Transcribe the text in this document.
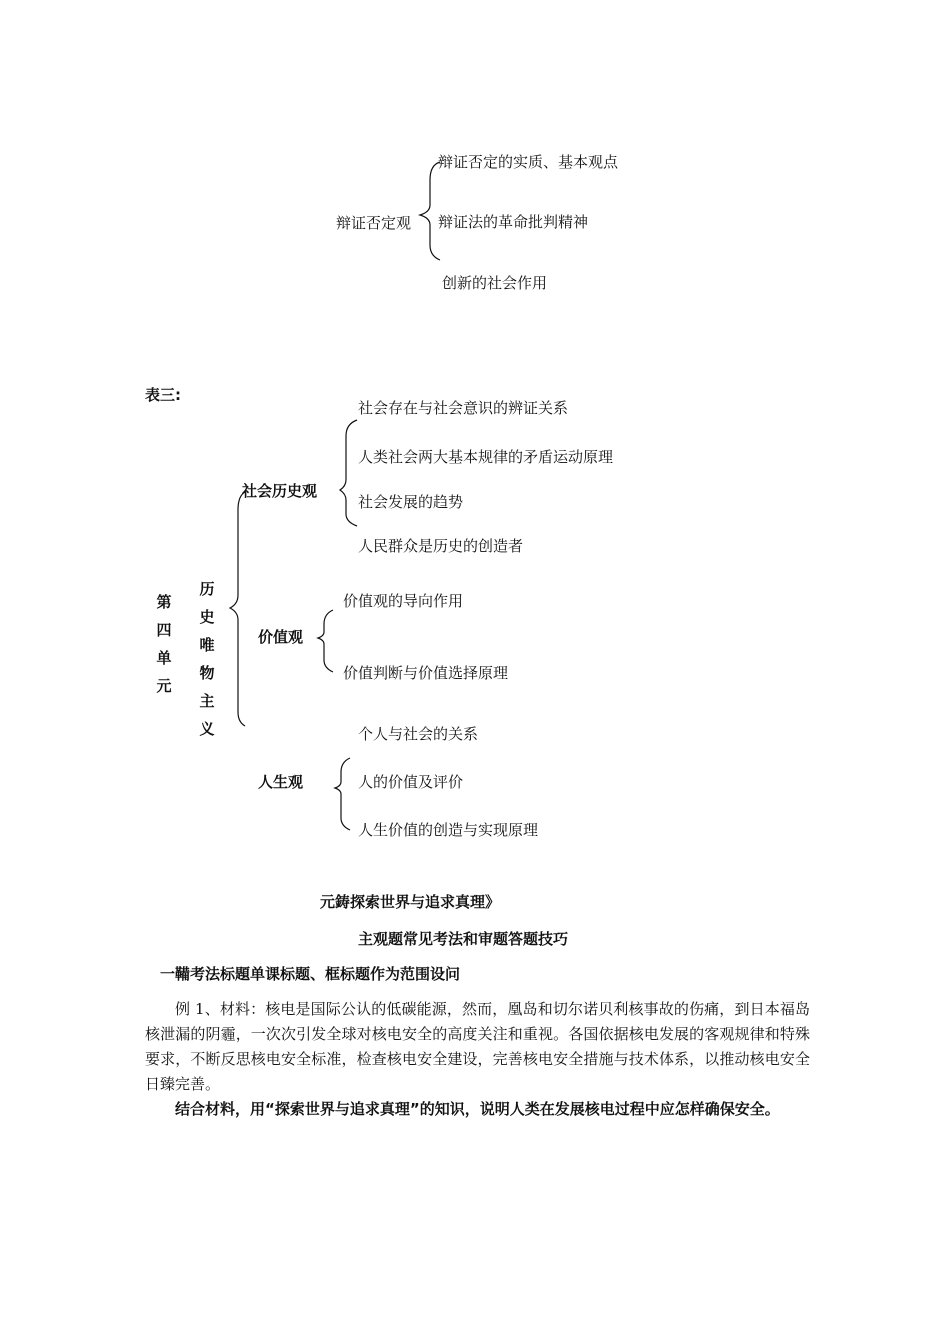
辩证否定观
辩证否定的实质、基本观点
辩证法的革命批判精神
创新的社会作用
表三:
第四单元
历史唯物主义
社会历史观
社会存在与社会意识的辨证关系
人类社会两大基本规律的矛盾运动原理
社会发展的趋势
人民群众是历史的创造者
价值观
价值观的导向作用
价值判断与价值选择原理
人生观
个人与社会的关系
人的价值及评价
人生价值的创造与实现原理
元鋳探索世界与追求真理》
主观题常见考法和审题答题技巧
一鞴考法标題单课标题、框标题作为范围设问
例 1、材料：核电是国际公认的低碳能源，然而，凰岛和切尔诺贝利核事故的伤痛，到日本福岛核泄漏的阴霾，一次次引发全球对核电安全的高度关注和重视。各国依据核电发展的客观规律和特殊要求，不断反思核电安全标准，检查核电安全建设，完善核电安全措施与技术体系，以推动核电安全日臻完善。
结合材料，用“探索世界与追求真理”的知识，说明人类在发展核电过程中应怎样确保安全。
